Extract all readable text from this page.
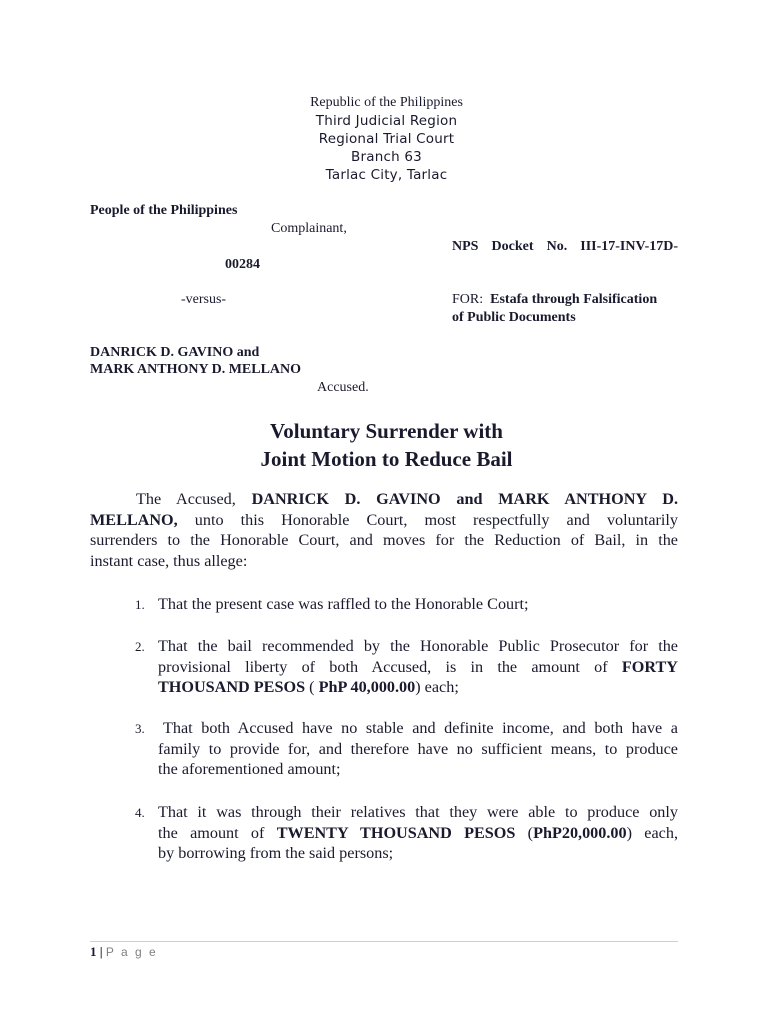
Republic of the Philippines
Third Judicial Region
Regional Trial Court
Branch 63
Tarlac City, Tarlac
People of the Philippines
Complainant,
NPS Docket No. III-17-INV-17D-
00284
-versus-	FOR: Estafa through Falsification
of Public Documents
DANRICK D. GAVINO and
MARK ANTHONY D. MELLANO
Accused.
Voluntary Surrender with
Joint Motion to Reduce Bail
The Accused, DANRICK D. GAVINO and MARK ANTHONY D.
MELLANO, unto this Honorable Court, most respectfully and voluntarily
surrenders to the Honorable Court, and moves for the Reduction of Bail, in the
instant case, thus allege:
1. That the present case was raffled to the Honorable Court;
2. That the bail recommended by the Honorable Public Prosecutor for the
provisional liberty of both Accused, is in the amount of FORTY
THOUSAND PESOS ( PhP 40,000.00) each;
3.	That both Accused have no stable and definite income, and both have a
family to provide for, and therefore have no sufficient means, to produce
the aforementioned amount;
4. That it was through their relatives that they were able to produce only
the amount of TWENTY THOUSAND PESOS (PhP20,000.00) each,
by borrowing from the said persons;
1 | P a g e
